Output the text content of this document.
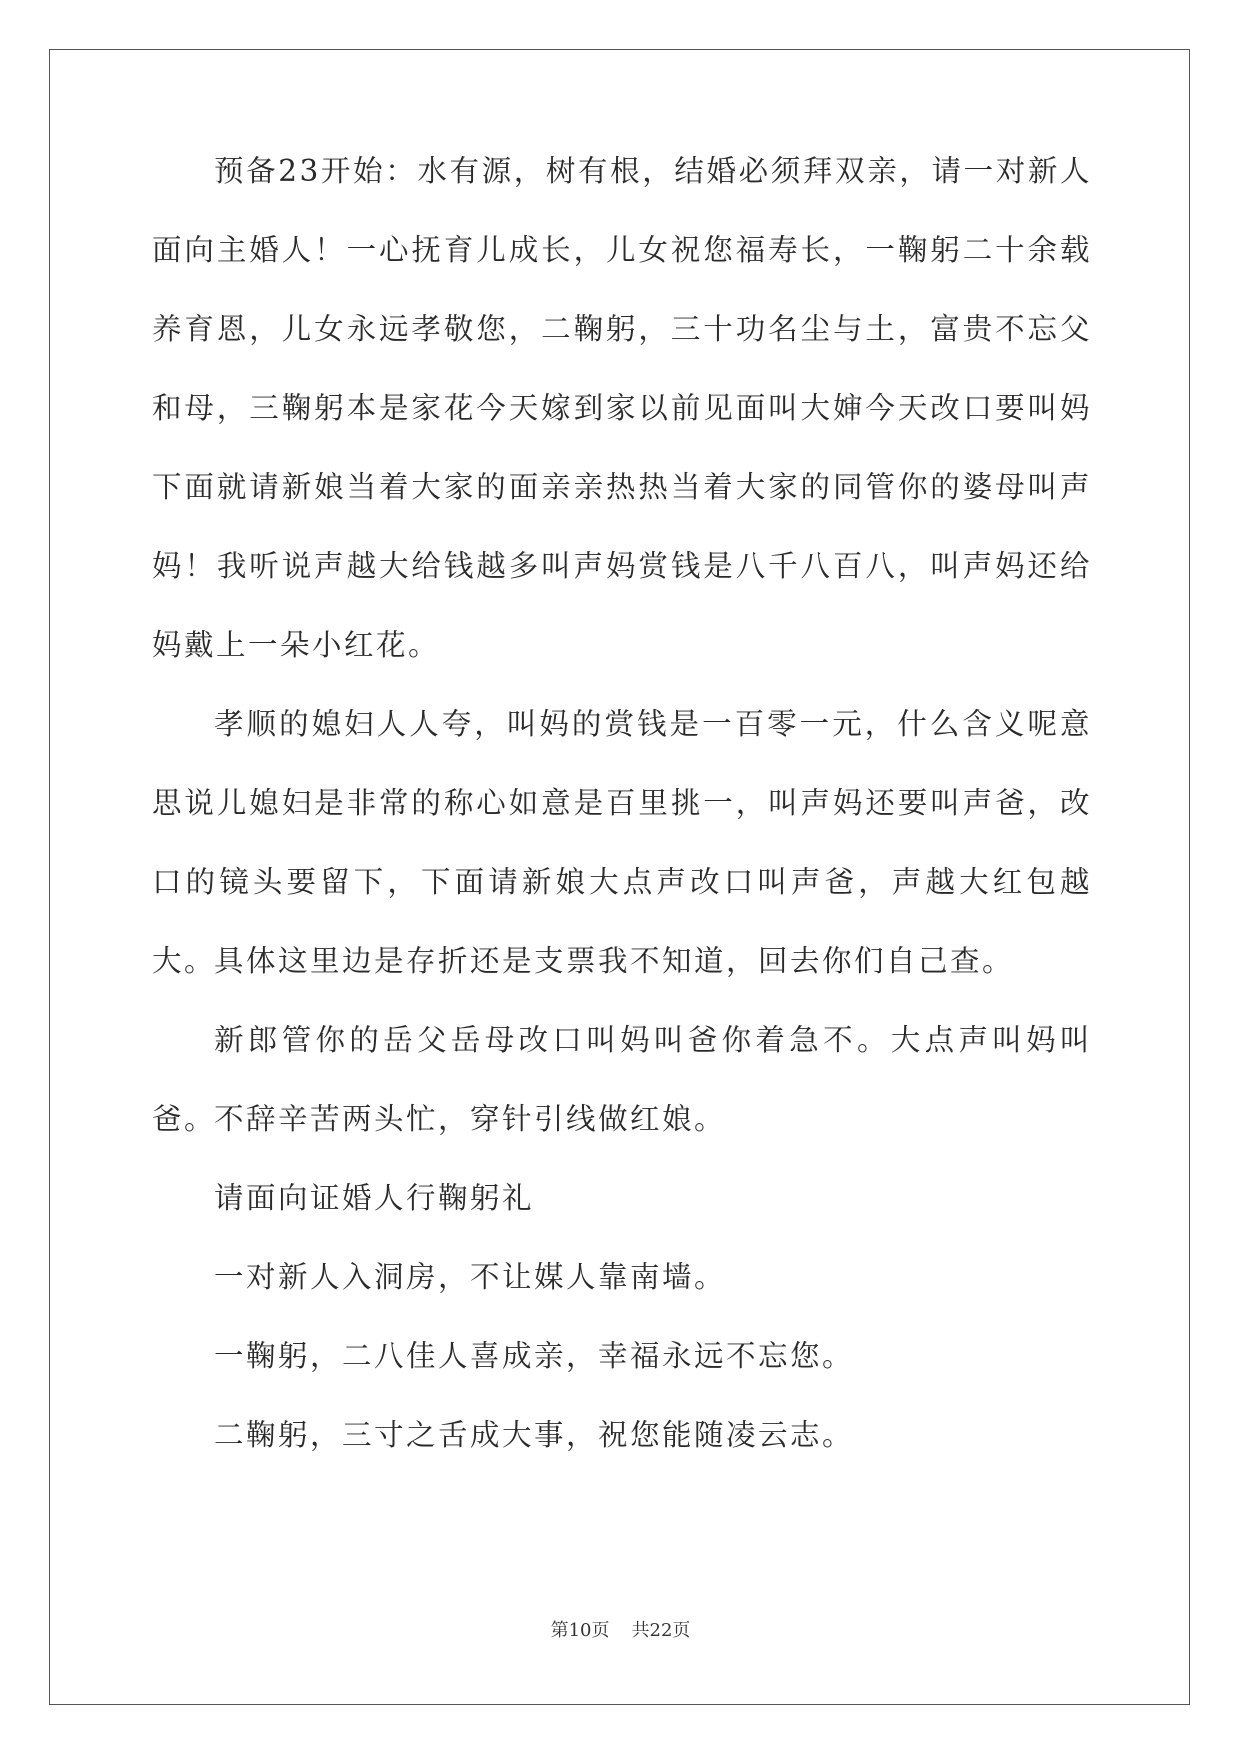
预备23开始：水有源，树有根，结婚必须拜双亲，请一对新人面向主婚人！一心抚育儿成长，儿女祝您福寿长，一鞠躬二十余载养育恩，儿女永远孝敬您，二鞠躬，三十功名尘与土，富贵不忘父和母，三鞠躬本是家花今天嫁到家以前见面叫大婶今天改口要叫妈下面就请新娘当着大家的面亲亲热热当着大家的同管你的婆母叫声妈！我听说声越大给钱越多叫声妈赏钱是八千八百八，叫声妈还给妈戴上一朵小红花。

孝顺的媳妇人人夸，叫妈的赏钱是一百零一元，什么含义呢意思说儿媳妇是非常的称心如意是百里挑一，叫声妈还要叫声爸，改口的镜头要留下，下面请新娘大点声改口叫声爸，声越大红包越大。

具体这里边是存折还是支票我不知道，回去你们自己查。

新郎管你的岳父岳母改口叫妈叫爸你着急不。大点声叫妈叫爸。

不辞辛苦两头忙，穿针引线做红娘。

请面向证婚人行鞠躬礼

一对新人入洞房，不让媒人靠南墙。

一鞠躬，二八佳人喜成亲，幸福永远不忘您。

二鞠躬，三寸之舌成大事，祝您能随凌云志。

第10页 共22页
